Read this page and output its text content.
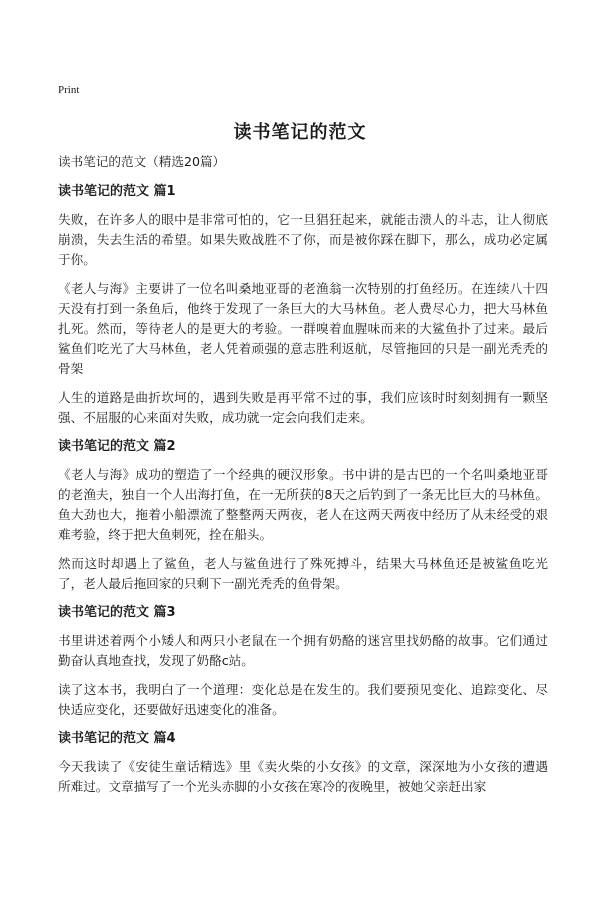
Print
读书笔记的范文
读书笔记的范文（精选20篇）
读书笔记的范文 篇1

失败，在许多人的眼中是非常可怕的，它一旦猖狂起来，就能击溃人的斗志，让人彻底崩溃，失去生活的希望。如果失败战胜不了你，而是被你踩在脚下，那么，成功必定属于你。

《老人与海》主要讲了一位名叫桑地亚哥的老渔翁一次特别的打鱼经历。在连续八十四天没有打到一条鱼后，他终于发现了一条巨大的大马林鱼。老人费尽心力，把大马林鱼扎死。然而，等待老人的是更大的考验。一群嗅着血腥味而来的大鲨鱼扑了过来。最后鲨鱼们吃光了大马林鱼，老人凭着顽强的意志胜利返航，尽管拖回的只是一副光秃秃的骨架

人生的道路是曲折坎坷的，遇到失败是再平常不过的事，我们应该时时刻刻拥有一颗坚强、不屈服的心来面对失败，成功就一定会向我们走来。

读书笔记的范文 篇2

《老人与海》成功的塑造了一个经典的硬汉形象。书中讲的是古巴的一个名叫桑地亚哥的老渔夫，独自一个人出海打鱼，在一无所获的8天之后钓到了一条无比巨大的马林鱼。鱼大劲也大，拖着小船漂流了整整两天两夜，老人在这两天两夜中经历了从未经受的艰难考验，终于把大鱼刺死，拴在船头。

然而这时却遇上了鲨鱼，老人与鲨鱼进行了殊死搏斗，结果大马林鱼还是被鲨鱼吃光了，老人最后拖回家的只剩下一副光秃秃的鱼骨架。

读书笔记的范文 篇3

书里讲述着两个小矮人和两只小老鼠在一个拥有奶酪的迷宫里找奶酪的故事。它们通过勤奋认真地查找，发现了奶酪c站。

读了这本书，我明白了一个道理：变化总是在发生的。我们要预见变化、追踪变化、尽快适应变化，还要做好迅速变化的准备。

读书笔记的范文 篇4

今天我读了《安徒生童话精选》里《卖火柴的小女孩》的文章，深深地为小女孩的遭遇所难过。文章描写了一个光头赤脚的小女孩在寒冷的夜晚里，被她父亲赶出家
